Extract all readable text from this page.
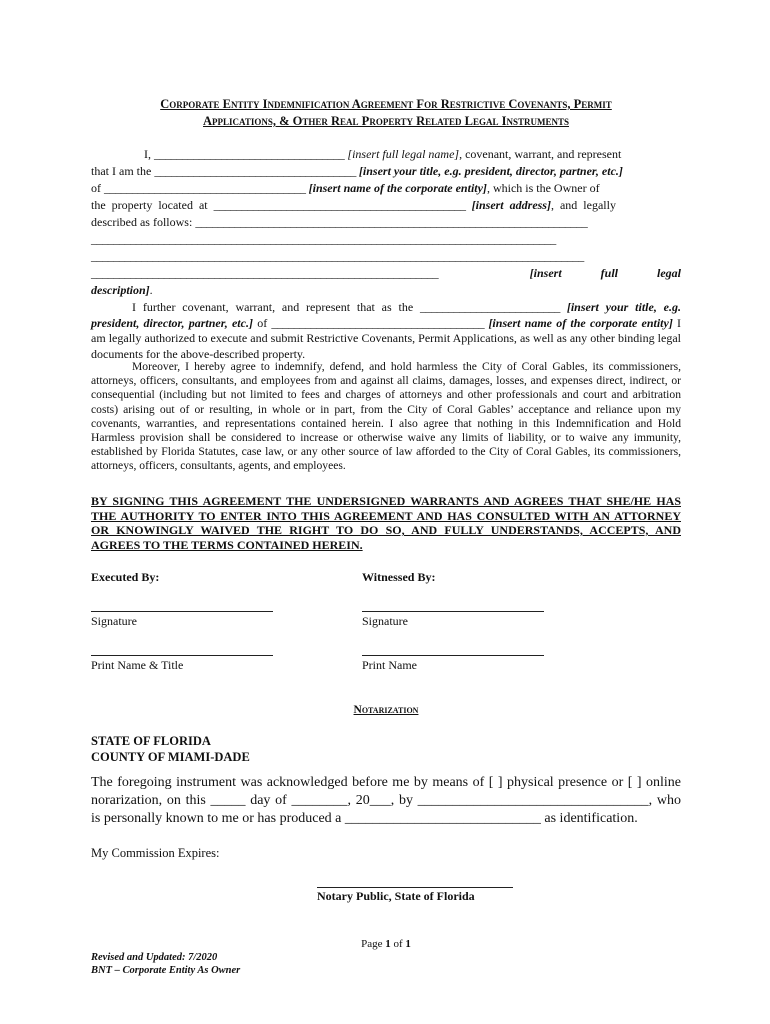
Corporate Entity Indemnification Agreement For Restrictive Covenants, Permit
Applications, & Other Real Property Related Legal Instruments
I, __________________________________ [insert full legal name], covenant, warrant, and represent
that I am the ____________________________________ [insert your title, e.g. president, director, partner, etc.]
of ____________________________________ [insert name of the corporate entity], which is the Owner of
the property located at _____________________________________________ [insert address], and legally
described as follows: ______________________________________________________________________
___________________________________________________________________________________
________________________________________________________________________________________
______________________________________________________________	[insert full legal
description].
I further covenant, warrant, and represent that as the _________________________ [insert your title, e.g. president, director, partner, etc.] of ______________________________________ [insert name of the corporate entity] I am legally authorized to execute and submit Restrictive Covenants, Permit Applications, as well as any other binding legal documents for the above-described property.
Moreover, I hereby agree to indemnify, defend, and hold harmless the City of Coral Gables, its commissioners, attorneys, officers, consultants, and employees from and against all claims, damages, losses, and expenses direct, indirect, or consequential (including but not limited to fees and charges of attorneys and other professionals and court and arbitration costs) arising out of or resulting, in whole or in part, from the City of Coral Gables’ acceptance and reliance upon my covenants, warranties, and representations contained herein. I also agree that nothing in this Indemnification and Hold Harmless provision shall be considered to increase or otherwise waive any limits of liability, or to waive any immunity, established by Florida Statutes, case law, or any other source of law afforded to the City of Coral Gables, its commissioners, attorneys, officers, consultants, agents, and employees.
BY SIGNING THIS AGREEMENT THE UNDERSIGNED WARRANTS AND AGREES THAT SHE/HE HAS THE AUTHORITY TO ENTER INTO THIS AGREEMENT AND HAS CONSULTED WITH AN ATTORNEY OR KNOWINGLY WAIVED THE RIGHT TO DO SO, AND FULLY UNDERSTANDS, ACCEPTS, AND AGREES TO THE TERMS CONTAINED HEREIN.
Executed By:	Witnessed By:
Signature	Signature
Print Name & Title	Print Name
Notarization
STATE OF FLORIDA
COUNTY OF MIAMI-DADE
The foregoing instrument was acknowledged before me by means of [ ] physical presence or [ ] online norarization, on this _____ day of ________, 20___, by _________________________________, who is personally known to me or has produced a ____________________________ as identification.
My Commission Expires:
Notary Public, State of Florida
Page 1 of 1
Revised and Updated: 7/2020
BNT – Corporate Entity As Owner
